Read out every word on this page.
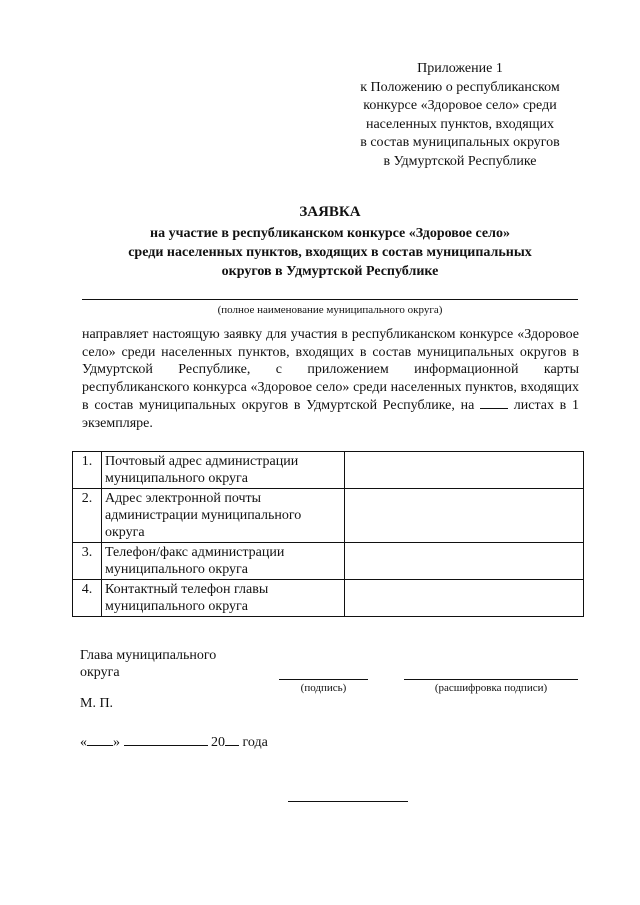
Приложение 1
к Положению о республиканском
конкурсе «Здоровое село» среди
населенных пунктов, входящих
в состав муниципальных округов
в Удмуртской Республике
ЗАЯВКА
на участие в республиканском конкурсе «Здоровое село»
среди населенных пунктов, входящих в состав муниципальных
округов в Удмуртской Республике
(полное наименование муниципального округа)
направляет настоящую заявку для участия в республиканском конкурсе «Здоровое село» среди населенных пунктов, входящих в состав муниципальных округов в Удмуртской Республике, с приложением информационной карты республиканского конкурса «Здоровое село» среди населенных пунктов, входящих в состав муниципальных округов в Удмуртской Республике, на	листах в 1 экземпляре.
1.	Почтовый адрес администрации муниципального округа	
2.	Адрес электронной почты администрации муниципального округа	
3.	Телефон/факс администрации муниципального округа	
4.	Контактный телефон главы муниципального округа	
Глава муниципального
округа
(подпись)	(расшифровка подписи)
М. П.
« »	20 года
